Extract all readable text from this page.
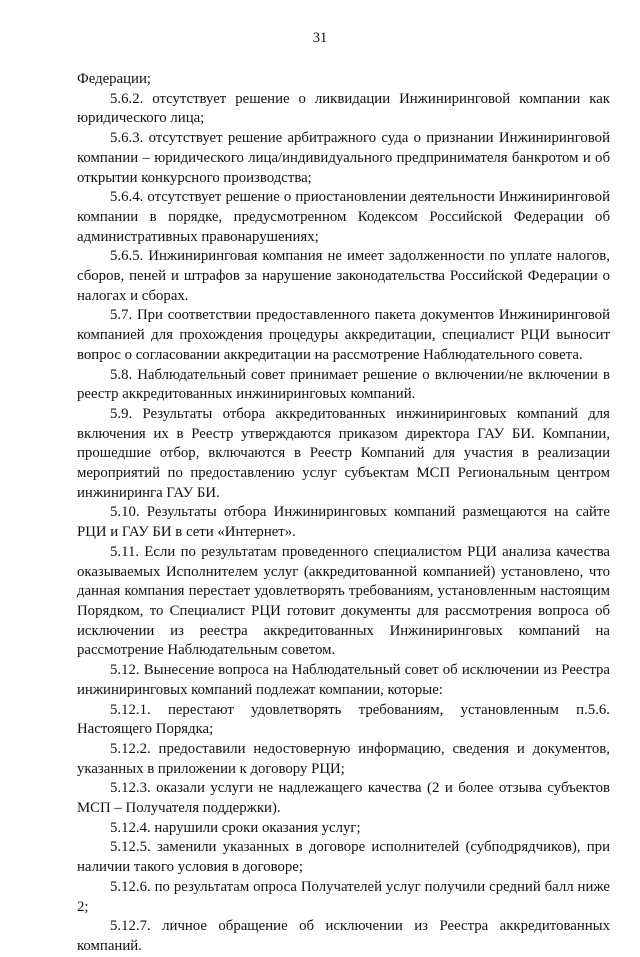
31

Федерации;

5.6.2. отсутствует решение о ликвидации Инжиниринговой компании как юридического лица;

5.6.3. отсутствует решение арбитражного суда о признании Инжиниринговой компании – юридического лица/индивидуального предпринимателя банкротом и об открытии конкурсного производства;

5.6.4. отсутствует решение о приостановлении деятельности Инжиниринговой компании в порядке, предусмотренном Кодексом Российской Федерации об административных правонарушениях;

5.6.5. Инжиниринговая компания не имеет задолженности по уплате налогов, сборов, пеней и штрафов за нарушение законодательства Российской Федерации о налогах и сборах.

5.7. При соответствии предоставленного пакета документов Инжиниринговой компанией для прохождения процедуры аккредитации, специалист РЦИ выносит вопрос о согласовании аккредитации на рассмотрение Наблюдательного совета.

5.8. Наблюдательный совет принимает решение о включении/не включении в реестр аккредитованных инжиниринговых компаний.

5.9. Результаты отбора аккредитованных инжиниринговых компаний для включения их в Реестр утверждаются приказом директора ГАУ БИ. Компании, прошедшие отбор, включаются в Реестр Компаний для участия в реализации мероприятий по предоставлению услуг субъектам МСП Региональным центром инжиниринга ГАУ БИ.

5.10. Результаты отбора Инжиниринговых компаний размещаются на сайте РЦИ и ГАУ БИ в сети «Интернет».

5.11. Если по результатам проведенного специалистом РЦИ анализа качества оказываемых Исполнителем услуг (аккредитованной компанией) установлено, что данная компания перестает удовлетворять требованиям, установленным настоящим Порядком, то Специалист РЦИ готовит документы для рассмотрения вопроса об исключении из реестра аккредитованных Инжиниринговых компаний на рассмотрение Наблюдательным советом.

5.12. Вынесение вопроса на Наблюдательный совет об исключении из Реестра инжиниринговых компаний подлежат компании, которые:

5.12.1. перестают удовлетворять требованиям, установленным п.5.6. Настоящего Порядка;

5.12.2. предоставили недостоверную информацию, сведения и документов, указанных в приложении к договору РЦИ;

5.12.3. оказали услуги не надлежащего качества (2 и более отзыва субъектов МСП – Получателя поддержки).

5.12.4. нарушили сроки оказания услуг;

5.12.5. заменили указанных в договоре исполнителей (субподрядчиков), при наличии такого условия в договоре;

5.12.6. по результатам опроса Получателей услуг получили средний балл ниже 2;

5.12.7. личное обращение об исключении из Реестра аккредитованных компаний.
